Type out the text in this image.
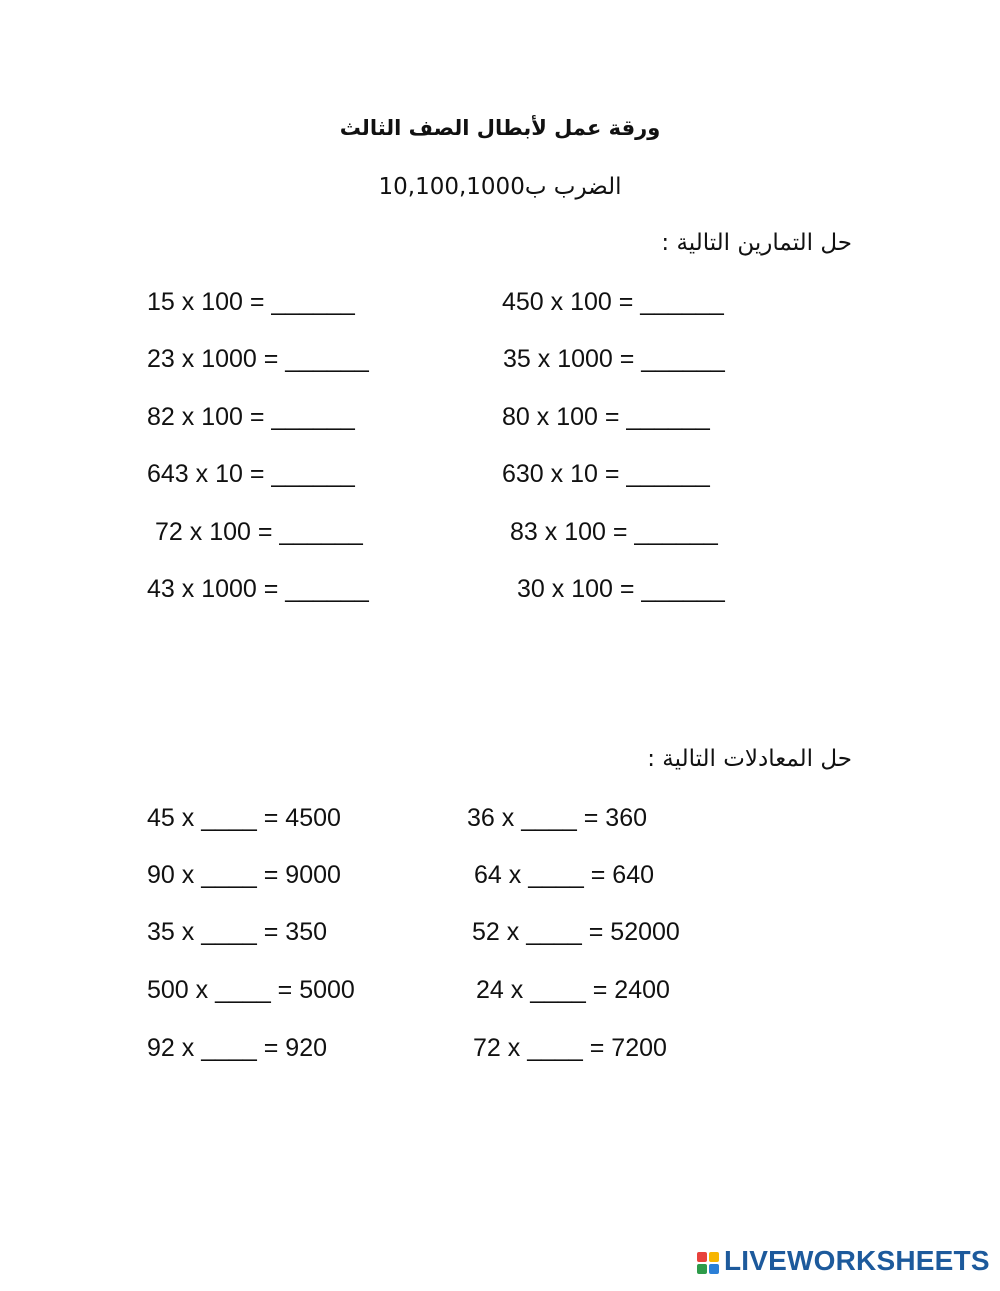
ورقة عمل لأبطال الصف الثالث
الضرب ب10,100,1000
حل التمارين التالية :
15 x 100 = ______
23 x 1000 = ______
82 x 100 = ______
643 x 10 = ______
72 x 100 = ______
43 x 1000 = ______
450 x 100 = ______
35 x 1000 = ______
80 x 100 = ______
630 x 10 = ______
83 x 100 = ______
30 x 100 = ______
حل المعادلات التالية :
45 x ____ = 4500
90 x ____ = 9000
35 x ____ = 350
500 x ____ = 5000
92 x ____ = 920
36 x ____ = 360
64 x ____ = 640
52 x ____ = 52000
24 x ____ = 2400
72 x ____ = 7200
LIVEWORKSHEETS
